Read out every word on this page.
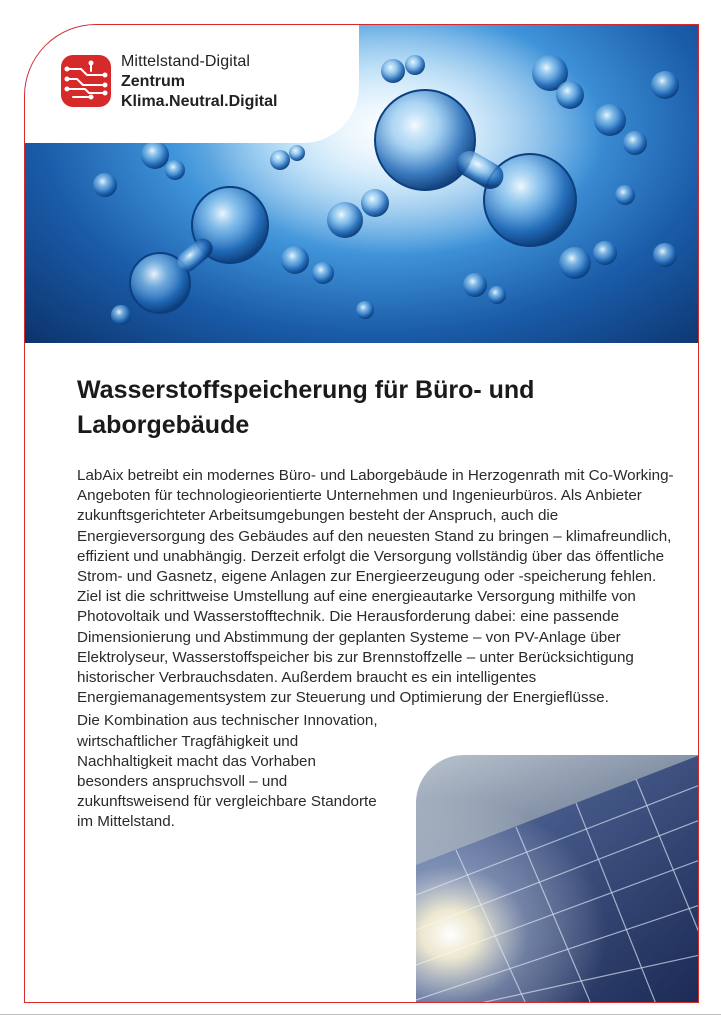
Mittelstand-Digital
Zentrum
Klima.Neutral.Digital
Wasserstoffspeicherung für Büro- und
Laborgebäude

LabAix betreibt ein modernes Büro- und Laborgebäude in Herzogenrath mit Co-Working-Angeboten für technologieorientierte Unternehmen und Ingenieurbüros. Als Anbieter zukunftsgerichteter Arbeitsumgebungen besteht der Anspruch, auch die Energieversorgung des Gebäudes auf den neuesten Stand zu bringen – klimafreundlich, effizient und unabhängig. Derzeit erfolgt die Versorgung vollständig über das öffentliche Strom- und Gasnetz, eigene Anlagen zur Energieerzeugung oder -speicherung fehlen. Ziel ist die schrittweise Umstellung auf eine energieautarke Versorgung mithilfe von Photovoltaik und Wasserstofftechnik. Die Herausforderung dabei: eine passende Dimensionierung und Abstimmung der geplanten Systeme – von PV-Anlage über Elektrolyseur, Wasserstoffspeicher bis zur Brennstoffzelle – unter Berücksichtigung historischer Verbrauchsdaten. Außerdem braucht es ein intelligentes Energiemanagementsystem zur Steuerung und Optimierung der Energieflüsse.

Die Kombination aus technischer Innovation, wirtschaftlicher Tragfähigkeit und Nachhaltigkeit macht das Vorhaben besonders anspruchsvoll – und zukunftsweisend für vergleichbare Standorte im Mittelstand.
